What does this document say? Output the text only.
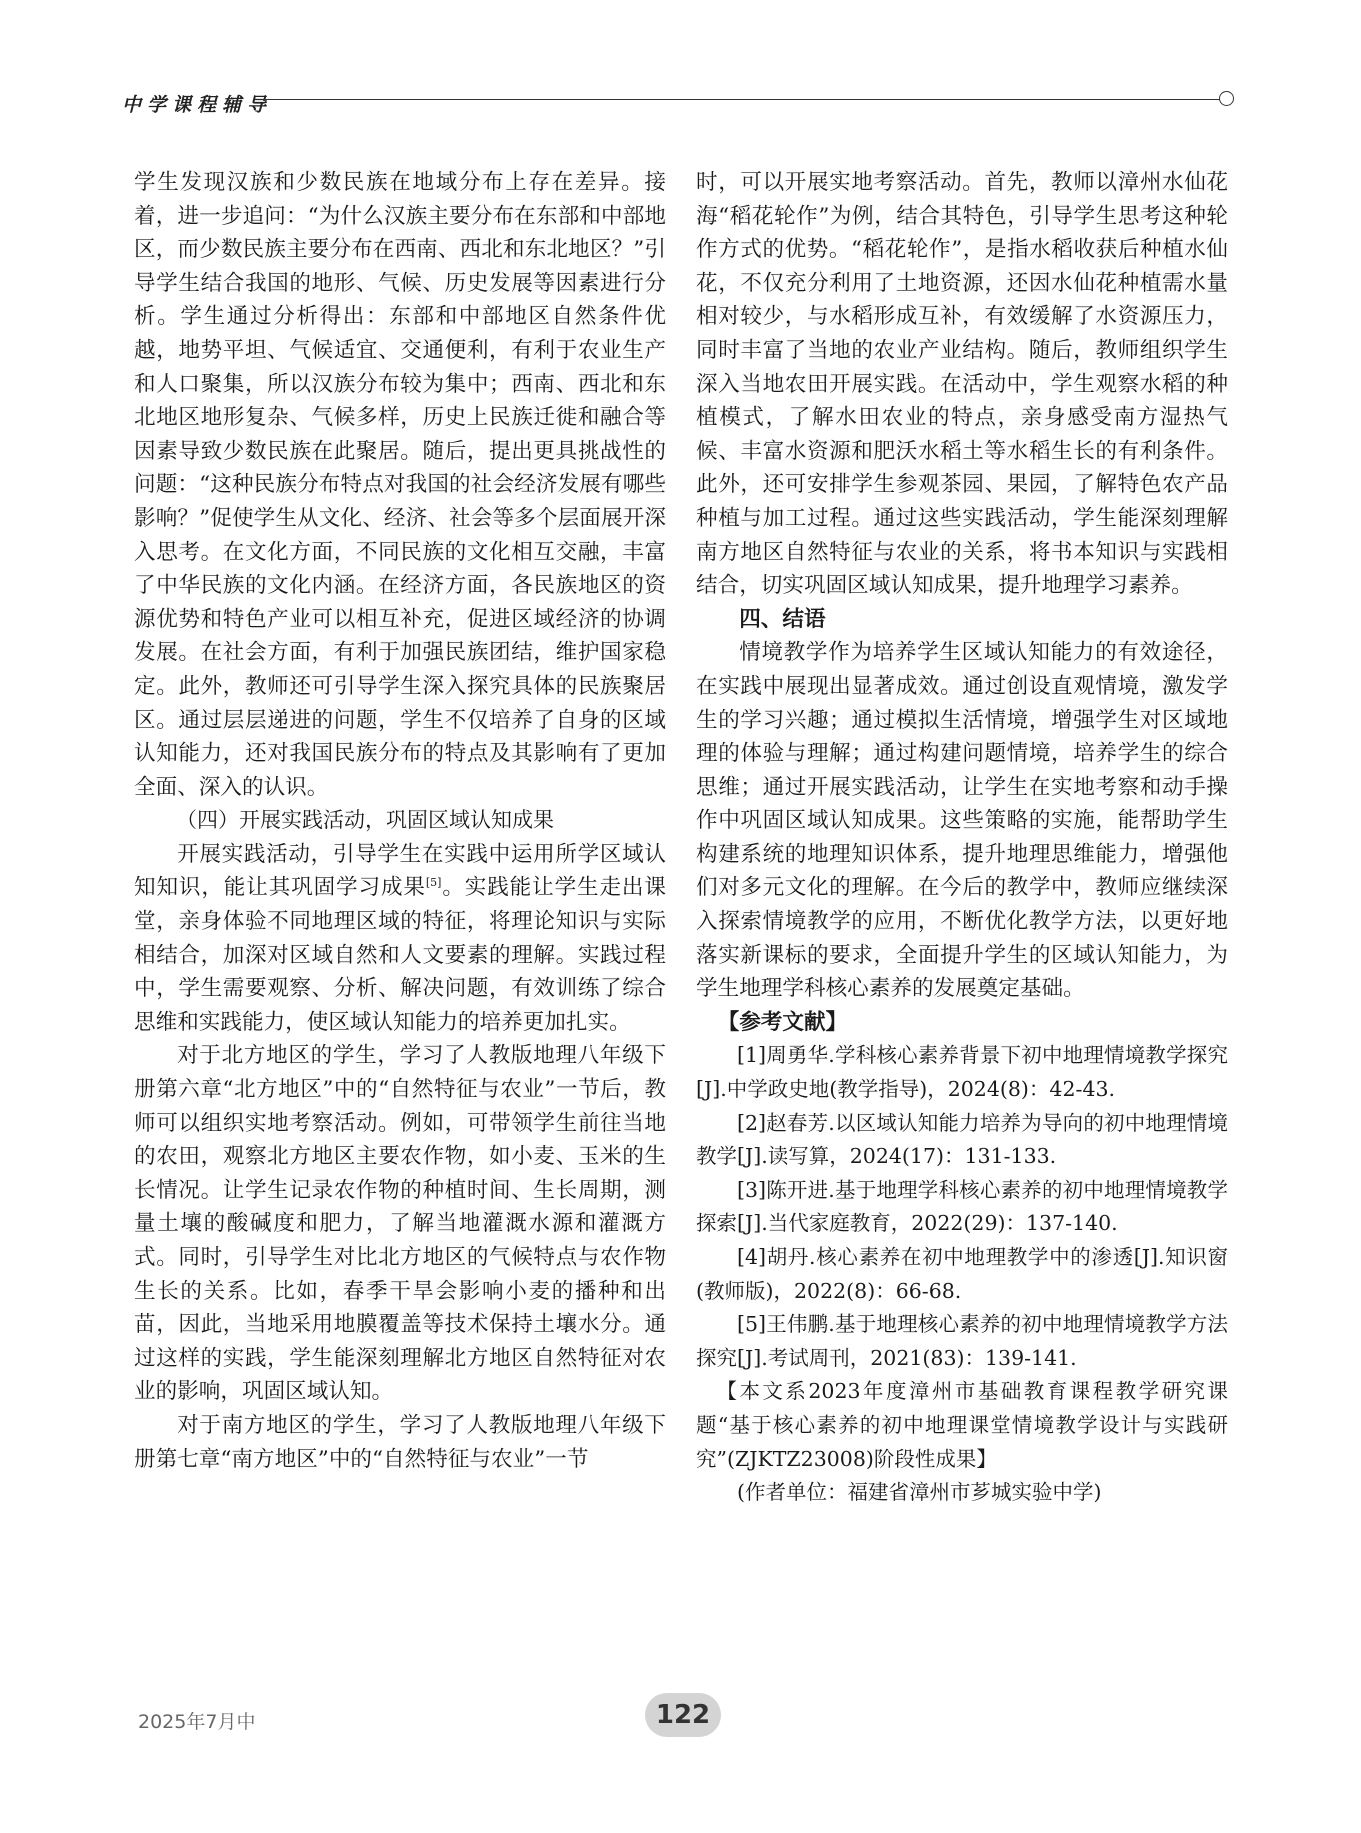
中学课程辅导

学生发现汉族和少数民族在地域分布上存在差异。接着，进一步追问：“为什么汉族主要分布在东部和中部地区，而少数民族主要分布在西南、西北和东北地区？”引导学生结合我国的地形、气候、历史发展等因素进行分析。学生通过分析得出：东部和中部地区自然条件优越，地势平坦、气候适宜、交通便利，有利于农业生产和人口聚集，所以汉族分布较为集中；西南、西北和东北地区地形复杂、气候多样，历史上民族迁徙和融合等因素导致少数民族在此聚居。随后，提出更具挑战性的问题：“这种民族分布特点对我国的社会经济发展有哪些影响？”促使学生从文化、经济、社会等多个层面展开深入思考。在文化方面，不同民族的文化相互交融，丰富了中华民族的文化内涵。在经济方面，各民族地区的资源优势和特色产业可以相互补充，促进区域经济的协调发展。在社会方面，有利于加强民族团结，维护国家稳定。此外，教师还可引导学生深入探究具体的民族聚居区。通过层层递进的问题，学生不仅培养了自身的区域认知能力，还对我国民族分布的特点及其影响有了更加全面、深入的认识。

（四）开展实践活动，巩固区域认知成果

开展实践活动，引导学生在实践中运用所学区域认知知识，能让其巩固学习成果[5]。实践能让学生走出课堂，亲身体验不同地理区域的特征，将理论知识与实际相结合，加深对区域自然和人文要素的理解。实践过程中，学生需要观察、分析、解决问题，有效训练了综合思维和实践能力，使区域认知能力的培养更加扎实。

对于北方地区的学生，学习了人教版地理八年级下册第六章“北方地区”中的“自然特征与农业”一节后，教师可以组织实地考察活动。例如，可带领学生前往当地的农田，观察北方地区主要农作物，如小麦、玉米的生长情况。让学生记录农作物的种植时间、生长周期，测量土壤的酸碱度和肥力，了解当地灌溉水源和灌溉方式。同时，引导学生对比北方地区的气候特点与农作物生长的关系。比如，春季干旱会影响小麦的播种和出苗，因此，当地采用地膜覆盖等技术保持土壤水分。通过这样的实践，学生能深刻理解北方地区自然特征对农业的影响，巩固区域认知。

对于南方地区的学生，学习了人教版地理八年级下册第七章“南方地区”中的“自然特征与农业”一节

时，可以开展实地考察活动。首先，教师以漳州水仙花海“稻花轮作”为例，结合其特色，引导学生思考这种轮作方式的优势。“稻花轮作”，是指水稻收获后种植水仙花，不仅充分利用了土地资源，还因水仙花种植需水量相对较少，与水稻形成互补，有效缓解了水资源压力，同时丰富了当地的农业产业结构。随后，教师组织学生深入当地农田开展实践。在活动中，学生观察水稻的种植模式，了解水田农业的特点，亲身感受南方湿热气候、丰富水资源和肥沃水稻土等水稻生长的有利条件。此外，还可安排学生参观茶园、果园，了解特色农产品种植与加工过程。通过这些实践活动，学生能深刻理解南方地区自然特征与农业的关系，将书本知识与实践相结合，切实巩固区域认知成果，提升地理学习素养。

四、结语

情境教学作为培养学生区域认知能力的有效途径，在实践中展现出显著成效。通过创设直观情境，激发学生的学习兴趣；通过模拟生活情境，增强学生对区域地理的体验与理解；通过构建问题情境，培养学生的综合思维；通过开展实践活动，让学生在实地考察和动手操作中巩固区域认知成果。这些策略的实施，能帮助学生构建系统的地理知识体系，提升地理思维能力，增强他们对多元文化的理解。在今后的教学中，教师应继续深入探索情境教学的应用，不断优化教学方法，以更好地落实新课标的要求，全面提升学生的区域认知能力，为学生地理学科核心素养的发展奠定基础。

【参考文献】

[1]周勇华.学科核心素养背景下初中地理情境教学探究[J].中学政史地(教学指导)，2024(8)：42-43.

[2]赵春芳.以区域认知能力培养为导向的初中地理情境教学[J].读写算，2024(17)：131-133.

[3]陈开进.基于地理学科核心素养的初中地理情境教学探索[J].当代家庭教育，2022(29)：137-140.

[4]胡丹.核心素养在初中地理教学中的渗透[J].知识窗(教师版)，2022(8)：66-68.

[5]王伟鹏.基于地理核心素养的初中地理情境教学方法探究[J].考试周刊，2021(83)：139-141.

【本文系2023年度漳州市基础教育课程教学研究课题“基于核心素养的初中地理课堂情境教学设计与实践研究”(ZJKTZ23008)阶段性成果】

(作者单位：福建省漳州市芗城实验中学)

2025年7月中	122
